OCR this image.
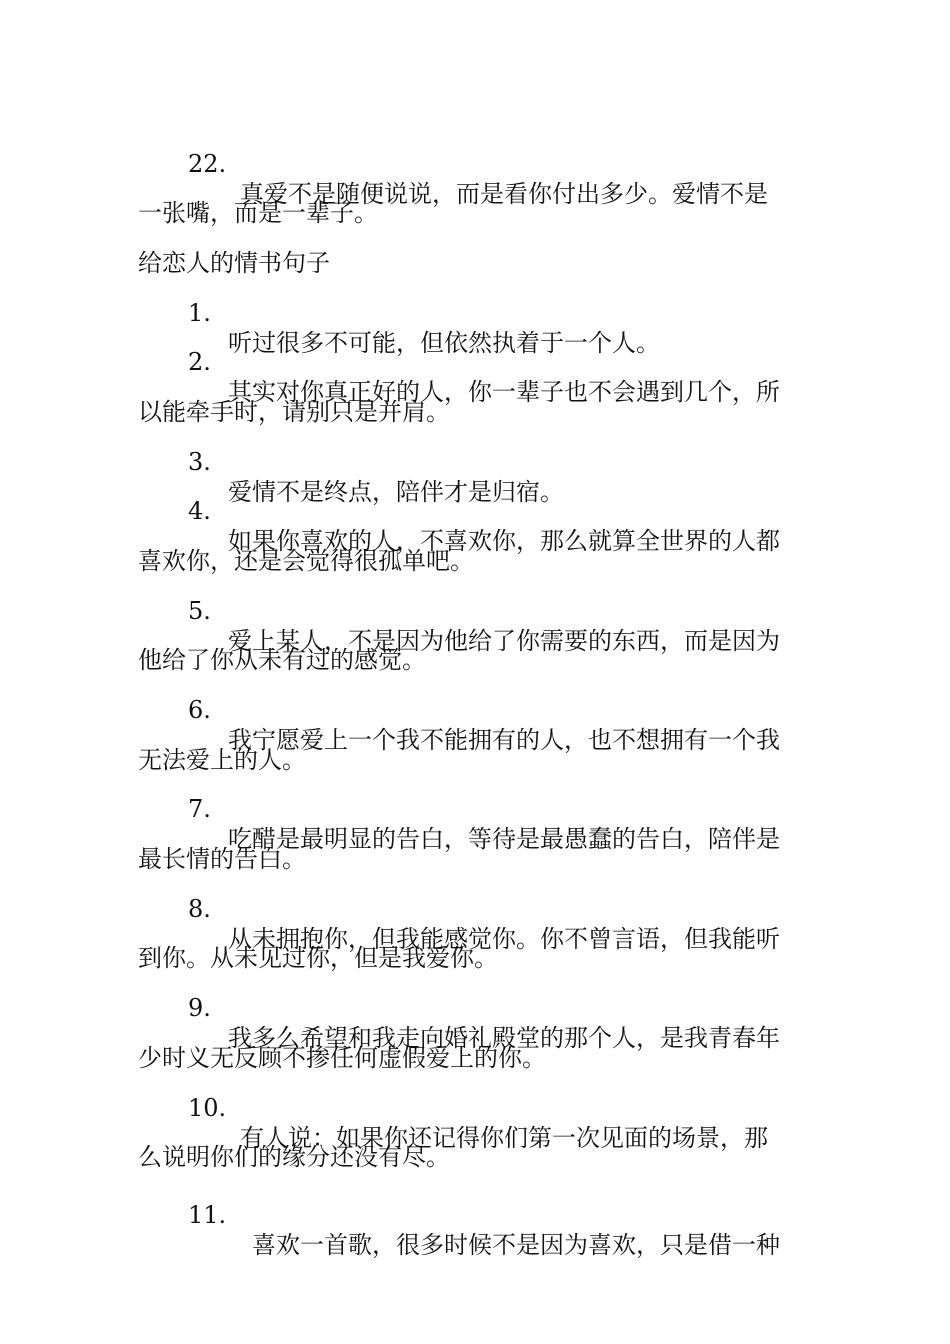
22.

真爱不是随便说说，而是看你付出多少。爱情不是

一张嘴，而是一辈子。

给恋人的情书句子

1.

听过很多不可能，但依然执着于一个人。

2.

其实对你真正好的人，你一辈子也不会遇到几个，所

以能牵手时，请别只是并肩。

3.

爱情不是终点，陪伴才是归宿。

4.

如果你喜欢的人，不喜欢你，那么就算全世界的人都

喜欢你，还是会觉得很孤单吧。

5.

爱上某人，不是因为他给了你需要的东西，而是因为

他给了你从未有过的感觉。

6.

我宁愿爱上一个我不能拥有的人，也不想拥有一个我

无法爱上的人。

7.

吃醋是最明显的告白，等待是最愚蠢的告白，陪伴是

最长情的告白。

8.

从未拥抱你，但我能感觉你。你不曾言语，但我能听

到你。从未见过你，但是我爱你。

9.

我多么希望和我走向婚礼殿堂的那个人，是我青春年

少时义无反顾不掺任何虚假爱上的你。

10.

有人说：如果你还记得你们第一次见面的场景，那

么说明你们的缘分还没有尽。

11.

喜欢一首歌，很多时候不是因为喜欢，只是借一种
